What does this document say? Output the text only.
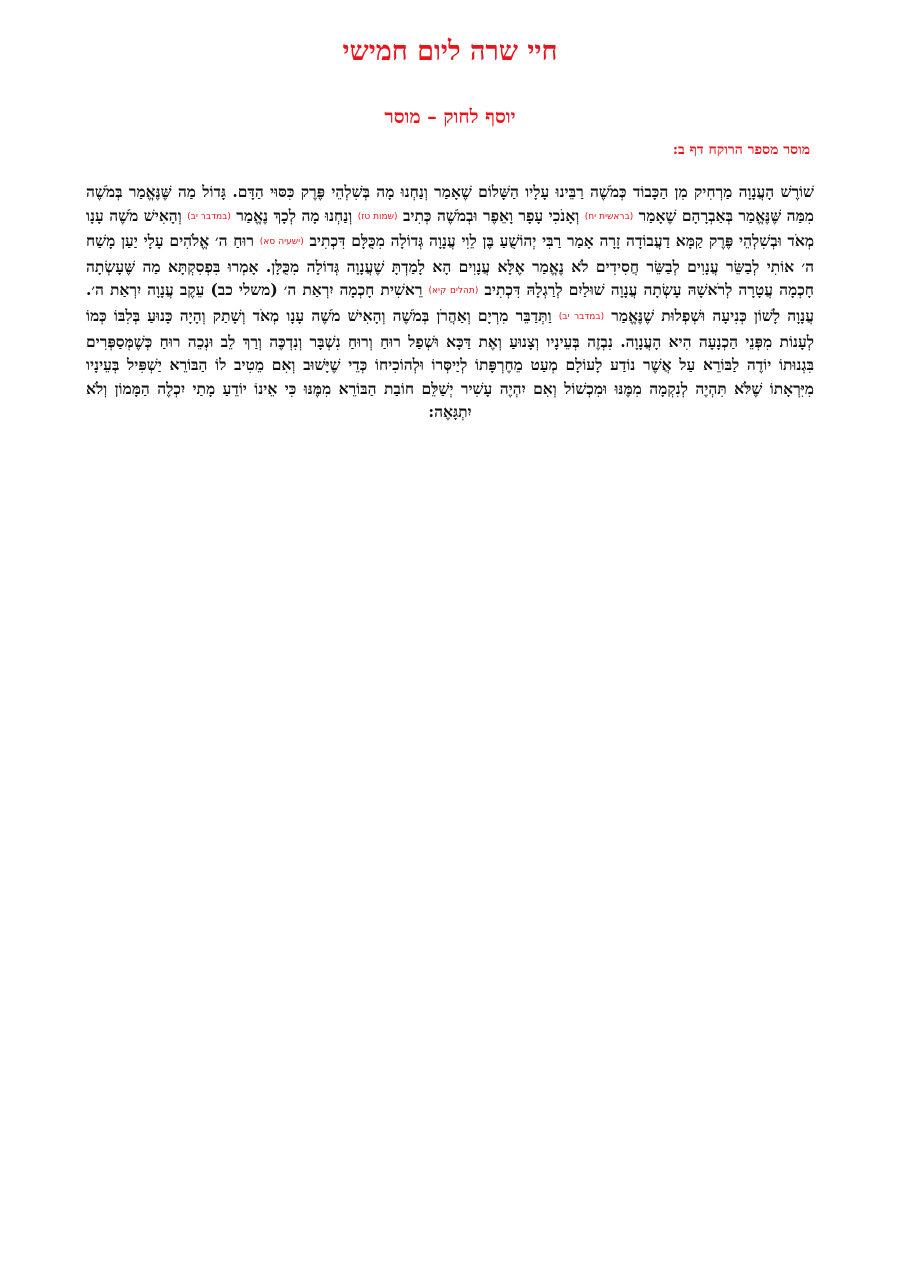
חיי שרה ליום חמישי
יוסף לחוק – מוסר
מוסר מספר הרוקח דף ב:
שׁוֹרֶשׁ הָעֲנָוָה מַרְחִיק מִן הַכָּבוֹד כְּמֹשֶׁה רַבֵּינוּ עָלָיו הַשָּׁלוֹם שֶׁאָמַר וְנַחְנוּ מָה בְּשִׁלְהֵי פֶּרֶק כִּסּוּי הַדָּם. גָּדוֹל מַה שֶּׁנֶּאֱמַר בְּמֹשֶׁה מִמַּה שֶּׁנֶּאֱמַר בְּאַבְרָהָם שֶׁאָמַר (בראשית יח) וְאָנֹכִי עָפָר וָאֵפֶר וּבְמֹשֶׁה כְּתִיב (שמות טז) וְנַחְנוּ מָה לְכָךְ נֶאֱמַר (במדבר יב) וְהָאִישׁ מֹשֶׁה עָנָו מְאֹד וּבְשִׁלְהֵי פֶּרֶק קַמָּא דַעֲבוֹדָה זָרָה אָמַר רַבִּי יְהוֹשֻׁעַ בֶּן לֵוִי עֲנָוָה גְּדוֹלָה מִכֻּלָּם דִּכְתִיב (ישעיה סא) רוּחַ ה׳ אֱלֹהִים עָלָי יַעַן מָשַׁח ה׳ אוֹתִי לְבַשֵּׂר עֲנָוִים לְבַשֵּׂר חֲסִידִים לֹא נֶאֱמַר אֶלָּא עֲנָוִים הָא לָמַדְתָּ שֶׁעֲנָוָה גְּדוֹלָה מִכֻּלָּן. אָמְרוּ בִּפְסִקְתָּא מַה שֶּׁעָשְׂתָה חָכְמָה עֲטָרָה לְרֹאשָׁהּ עָשְׂתָה עֲנָוָה שׁוּלַיִם לְרַגְלָהּ דִּכְתִיב (תהלים קיא) רֵאשִׁית חָכְמָה יִרְאַת ה׳ (משלי כב) עֵקֶב עֲנָוָה יִרְאַת ה׳. עֲנָוָה לָשׁוֹן כְּנִיעָה וּשְׁפְלוּת שֶׁנֶּאֱמַר (במדבר יב) וַתְּדַבֵּר מִרְיָם וְאַהֲרֹן בְּמֹשֶׁה וְהָאִישׁ מֹשֶׁה עָנָו מְאֹד וְשָׁתַק וְהָיָה כָּנוּעַ בְּלִבּוֹ כְּמוֹ לְעָנוֹת מִפְּנֵי הַכְנָעָה הִיא הָעֲנָוָה. נִבְזֶה בְּעֵינָיו וְצָנוּעַ וְאֶת דַּכָּא וּשְׁפַל רוּחַ וְרוּחַ נִשְׁבָּר וְנִדְכֶּה וְרַךְ לֵב וּנְכֵה רוּחַ כְּשֶׁמְּסַפְּרִים בִּגְנוּתוֹ יוֹדֶה לַבּוֹרֵא עַל אֲשֶׁר נוֹדַע לָעוֹלָם מְעַט מֵחֶרְפָּתוֹ לְיַיסְּרוֹ וּלְהוֹכִיחוֹ כְּדֵי שֶׁיָּשׁוּב וְאִם מֵטִיב לוֹ הַבּוֹרֵא יַשְׁפִּיל בְּעֵינָיו מִיִּרְאָתוֹ שֶׁלֹּא תִּהְיֶה לְנִקְמָה מִמֶּנּוּ וּמִכְשׁוֹל וְאִם יִהְיֶה עָשִׁיר יְשַׁלֵּם חוֹבַת הַבּוֹרֵא מִמֶּנּוּ כִּי אֵינוֹ יוֹדֵעַ מָתַי יִכְלֶה הַמָּמוֹן וְלֹא יִתְגָּאֶה:
